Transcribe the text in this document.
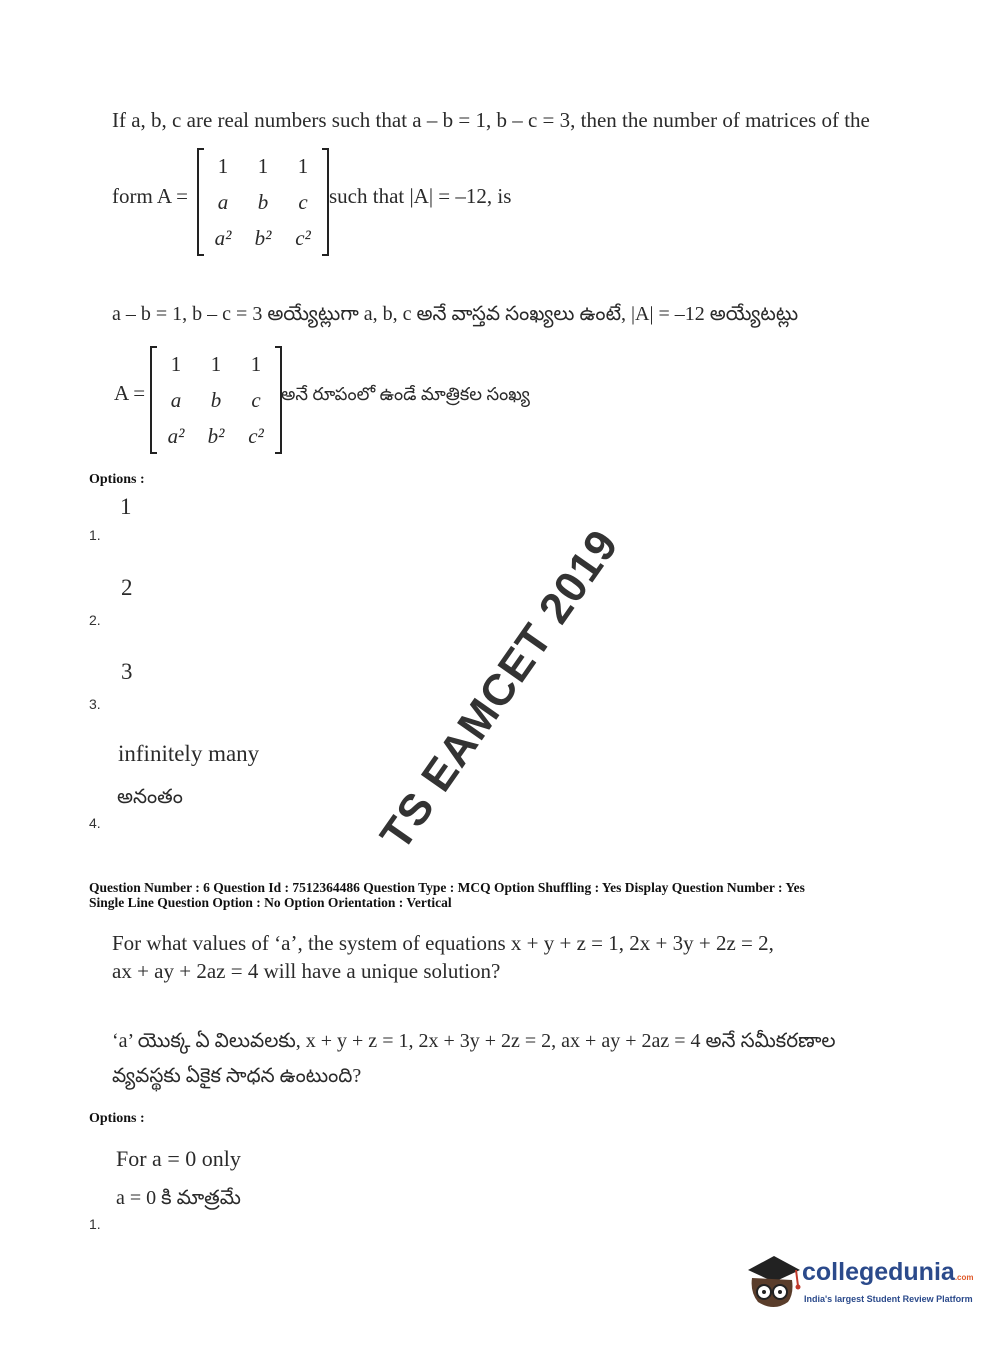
If a, b, c are real numbers such that a – b = 1, b – c = 3, then the number of matrices of the
form A =
1	1	1
a	b	c
a²	b²	c²
such that |A| = –12, is
a – b = 1, b – c = 3 అయ్యేట్లుగా a, b, c అనే వాస్తవ సంఖ్యలు ఉంటే, |A| = –12 అయ్యేటట్లు
A =
1	1	1
a	b	c
a²	b²	c²
అనే రూపంలో ఉండే మాత్రికల సంఖ్య
Options :
1
1.
2
2.
3
3.
infinitely many
అనంతం
4.	TS EAMCET 2019
Question Number : 6 Question Id : 7512364486 Question Type : MCQ Option Shuffling : Yes Display Question Number : Yes
Single Line Question Option : No Option Orientation : Vertical
For what values of ‘a’, the system of equations x + y + z = 1, 2x + 3y + 2z = 2,
ax + ay + 2az = 4 will have a unique solution?
‘a’ యొక్క ఏ విలువలకు, x + y + z = 1, 2x + 3y + 2z = 2, ax + ay + 2az = 4 అనే సమీకరణాల
వ్యవస్థకు ఏకైక సాధన ఉంటుంది?
Options :
For a = 0 only
a = 0 కి మాత్రమే
1.
collegedunia.com
India's largest Student Review Platform
